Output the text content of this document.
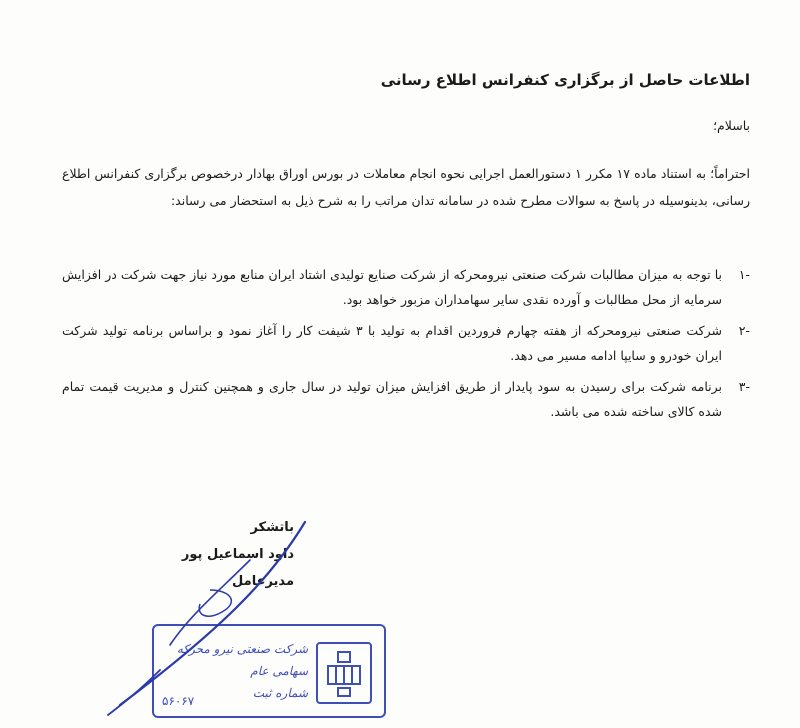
اطلاعات حاصل از برگزاری کنفرانس اطلاع رسانی
باسلام؛
احتراماً؛ به استناد ماده ۱۷ مکرر ۱ دستورالعمل اجرایی نحوه انجام معاملات در بورس اوراق بهادار درخصوص برگزاری کنفرانس اطلاع رسانی، بدینوسیله در پاسخ به سوالات مطرح شده در سامانه تدان مراتب را به شرح ذیل به استحضار می رساند:
-۱
با توجه به میزان مطالبات شرکت صنعتی نیرومحرکه از شرکت صنایع تولیدی اشتاد ایران منابع مورد نیاز جهت شرکت در افزایش سرمایه از محل مطالبات و آورده نقدی سایر سهامداران مزبور خواهد بود.
-۲
شرکت صنعتی نیرومحرکه از هفته چهارم فروردین اقدام به تولید با ۳ شیفت کار را آغاز نمود و براساس برنامه تولید شرکت ایران خودرو و سایپا ادامه مسیر می دهد.
-۳
برنامه شرکت برای رسیدن به سود پایدار از طریق افزایش میزان تولید در سال جاری و همچنین کنترل و مدیریت قیمت تمام شده کالای ساخته شده می باشد.
باتشکر
داود اسماعیل پور
مدیرعامل
شرکت صنعتی نیرو محرکه
سهامی عام
شماره ثبت
۵۶۰۶۷
